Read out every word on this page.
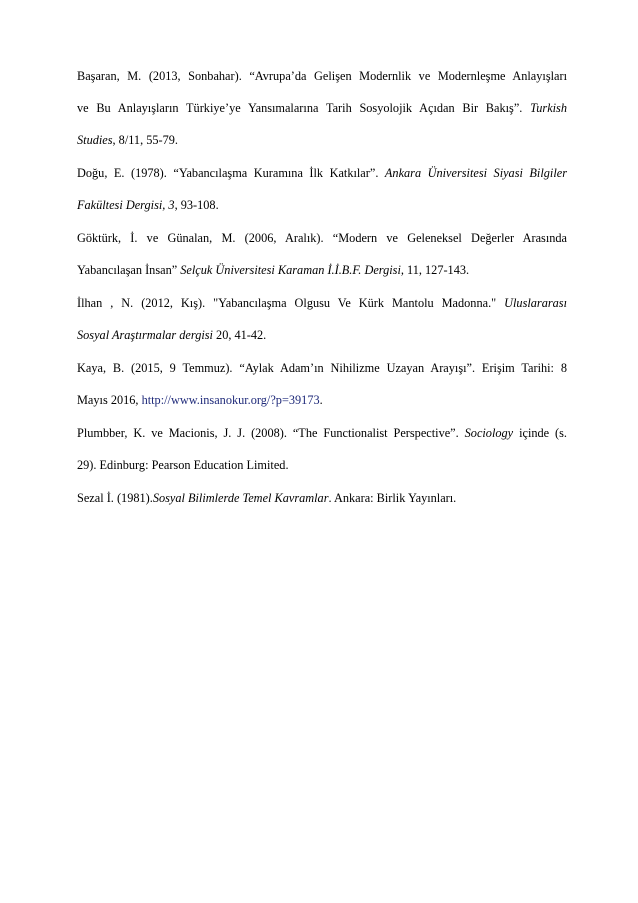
Başaran, M. (2013, Sonbahar). “Avrupa’da Gelişen Modernlik ve Modernleşme Anlayışları
ve Bu Anlayışların Türkiye’ye Yansımalarına Tarih Sosyolojik Açıdan Bir Bakış”. Turkish
Studies, 8/11, 55-79.
Doğu, E. (1978). “Yabancılaşma Kuramına İlk Katkılar”. Ankara Üniversitesi Siyasi Bilgiler
Fakültesi Dergisi, 3, 93-108.
Göktürk, İ. ve Günalan, M. (2006, Aralık). “Modern ve Geleneksel Değerler Arasında
Yabancılaşan İnsan” Selçuk Üniversitesi Karaman İ.İ.B.F. Dergisi, 11, 127-143.
İlhan , N. (2012, Kış). "Yabancılaşma Olgusu Ve Kürk Mantolu Madonna." Uluslararası
Sosyal Araştırmalar dergisi 20, 41-42.
Kaya, B. (2015, 9 Temmuz). “Aylak Adam’ın Nihilizme Uzayan Arayışı”. Erişim Tarihi: 8
Mayıs 2016, http://www.insanokur.org/?p=39173.
Plumbber, K. ve Macionis, J. J. (2008). “The Functionalist Perspective”. Sociology içinde (s.
29). Edinburg: Pearson Education Limited.
Sezal İ. (1981).Sosyal Bilimlerde Temel Kavramlar. Ankara: Birlik Yayınları.
